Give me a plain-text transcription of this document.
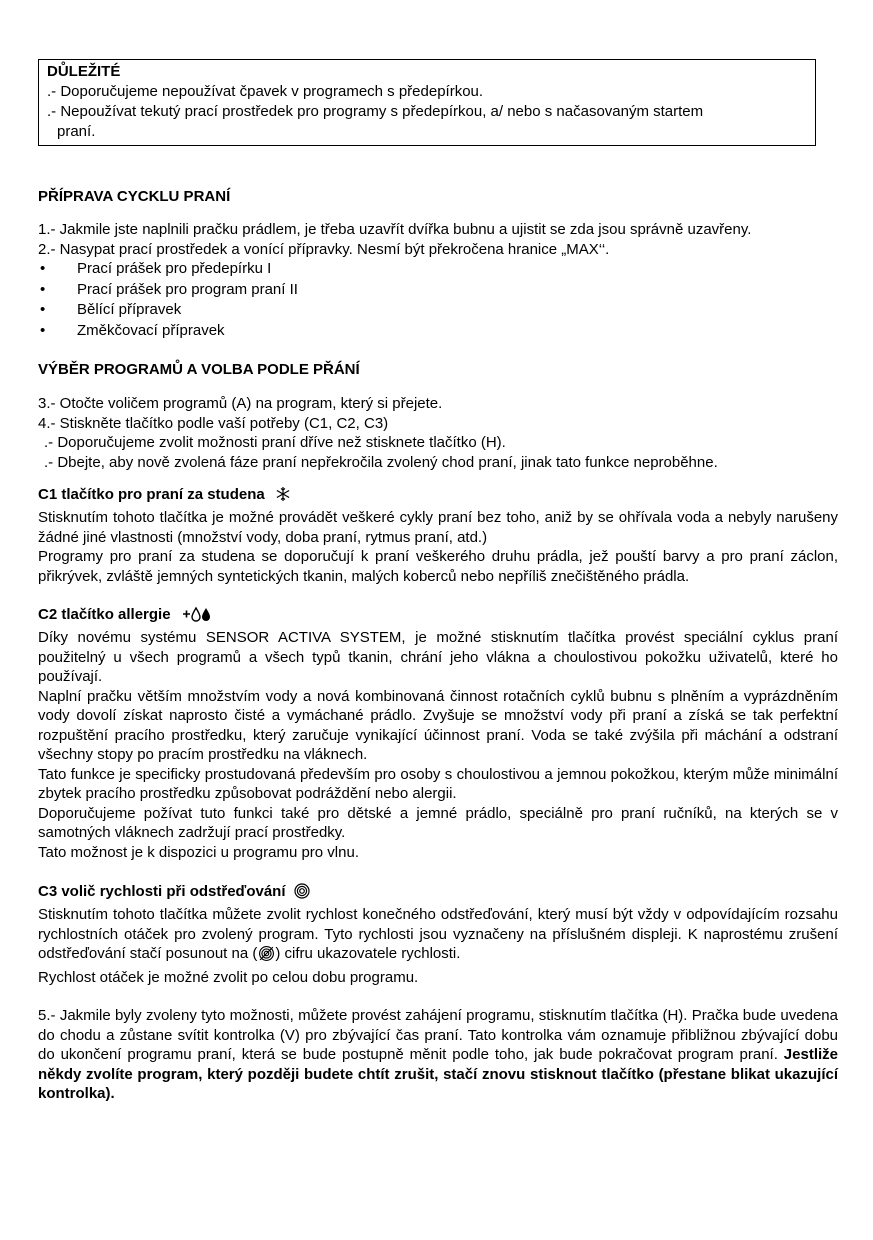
DŮLEŽITÉ
.- Doporučujeme nepoužívat čpavek v programech s předepírkou.
.- Nepoužívat tekutý prací prostředek pro programy s předepírkou, a/ nebo s načasovaným startem
praní.
PŘÍPRAVA CYCKLU PRANÍ

1.- Jakmile jste naplnili pračku prádlem, je třeba uzavřít dvířka bubnu a ujistit se zda jsou správně uzavřeny.

2.- Nasypat prací prostředek a vonící přípravky. Nesmí být překročena hranice „MAX‘‘.

•	Prací prášek pro předepírku I
•	Prací prášek pro program praní II
•	Bělící přípravek
•	Změkčovací přípravek
VÝBĚR PROGRAMŮ A VOLBA PODLE PŘÁNÍ

3.- Otočte voličem programů (A) na program, který si přejete.

4.- Stiskněte tlačítko podle vaší potřeby (C1, C2, C3)

.- Doporučujeme zvolit možnosti praní dříve než stisknete tlačítko (H).

.- Dbejte, aby nově zvolená fáze praní nepřekročila zvolený chod praní, jinak tato funkce neproběhne.

C1 tlačítko pro praní za studena

Stisknutím tohoto tlačítka je možné provádět veškeré cykly praní bez toho, aniž by se ohřívala voda a nebyly narušeny žádné jiné vlastnosti (množství vody, doba praní, rytmus praní, atd.)

Programy pro praní za studena se doporučují k praní veškerého druhu prádla, jež pouští barvy a pro praní záclon, přikrývek, zvláště jemných syntetických tkanin, malých koberců nebo nepříliš znečištěného prádla.

C2 tlačítko allergie

Díky novému systému SENSOR ACTIVA SYSTEM, je možné stisknutím tlačítka provést speciální cyklus praní použitelný u všech programů a všech typů tkanin, chrání jeho vlákna a choulostivou pokožku uživatelů, které ho používají.

Naplní pračku větším množstvím vody a nová kombinovaná činnost rotačních cyklů bubnu s plněním a vyprázdněním vody dovolí získat naprosto čisté a vymáchané prádlo. Zvyšuje se množství vody při praní a získá se tak perfektní rozpuštění pracího prostředku, který zaručuje vynikající účinnost praní. Voda se také zvýšila při máchání a odstraní všechny stopy po pracím prostředku na vláknech.

Tato funkce je specificky prostudovaná především pro osoby s choulostivou a jemnou pokožkou, kterým může minimální zbytek pracího prostředku způsobovat podráždění nebo alergii.

Doporučujeme požívat tuto funkci také pro dětské a jemné prádlo, speciálně pro praní ručníků, na kterých se v samotných vláknech zadržují prací prostředky.

Tato možnost je k dispozici u programu pro vlnu.

C3 volič rychlosti při odstřeďování

Stisknutím tohoto tlačítka můžete zvolit rychlost konečného odstřeďování, který musí být vždy v odpovídajícím rozsahu rychlostních otáček pro zvolený program. Tyto rychlosti jsou vyznačeny na příslušném displeji. K naprostému zrušení odstřeďování stačí posunout na ( ) cifru ukazovatele rychlosti.

Rychlost otáček je možné zvolit po celou dobu programu.

5.- Jakmile byly zvoleny tyto možnosti, můžete provést zahájení programu, stisknutím tlačítka (H). Pračka bude uvedena do chodu a zůstane svítit kontrolka (V) pro zbývající čas praní. Tato kontrolka vám oznamuje přibližnou zbývající dobu do ukončení programu praní, která se bude postupně měnit podle toho, jak bude pokračovat program praní. Jestliže někdy zvolíte program, který později budete chtít zrušit, stačí znovu stisknout tlačítko (přestane blikat ukazující kontrolka).
